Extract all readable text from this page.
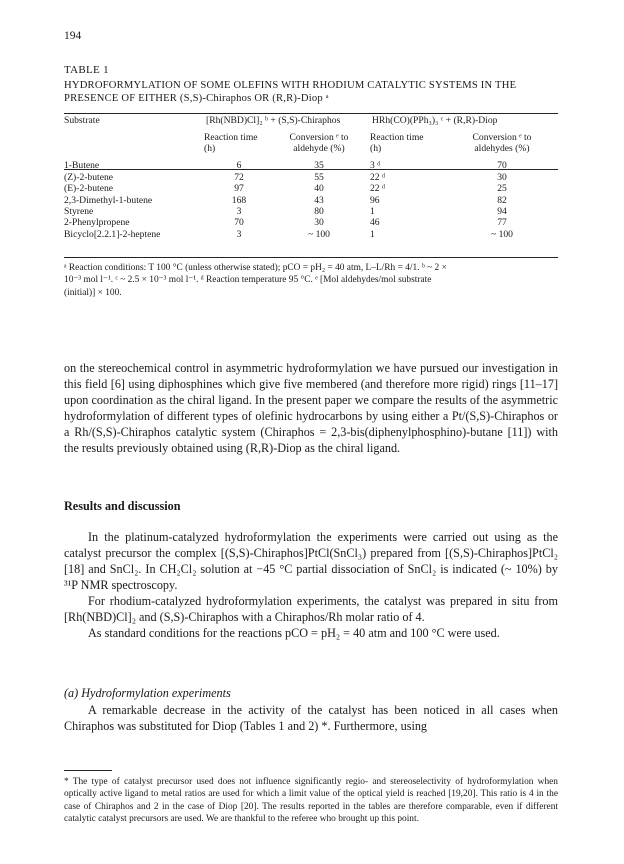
194
TABLE 1
HYDROFORMYLATION OF SOME OLEFINS WITH RHODIUM CATALYTIC SYSTEMS IN THE PRESENCE OF EITHER (S,S)-Chiraphos OR (R,R)-Diop ᵃ
Substrate	[Rh(NBD)Cl]₂ ᵇ + (S,S)-Chiraphos		HRh(CO)(PPh₃)₃ ᶜ + (R,R)-Diop	
	Reaction time	Conversion ᵉ to	Reaction time	Conversion ᵉ to
	(h)	aldehyde (%)	(h)	aldehydes (%)
1-Butene	6	35	3 ᵈ	70
(Z)-2-butene	72	55	22 ᵈ	30
(E)-2-butene	97	40	22 ᵈ	25
2,3-Dimethyl-1-butene	168	43	96	82
Styrene	3	80	1	94
2-Phenylpropene	70	30	46	77
Bicyclo[2.2.1]-2-heptene	3	~ 100	1	~ 100
ᵃ Reaction conditions: T 100 °C (unless otherwise stated); pCO = pH₂ = 40 atm, L–L/Rh = 4/1. ᵇ ~ 2 ×
10⁻³ mol l⁻¹. ᶜ ~ 2.5 × 10⁻³ mol l⁻¹. ᵈ Reaction temperature 95 °C. ᵉ [Mol aldehydes/mol substrate
(initial)] × 100.

on the stereochemical control in asymmetric hydroformylation we have pursued our investigation in this field [6] using diphosphines which give five membered (and therefore more rigid) rings [11–17] upon coordination as the chiral ligand. In the present paper we compare the results of the asymmetric hydroformylation of different types of olefinic hydrocarbons by using either a Pt/(S,S)-Chiraphos or a Rh/(S,S)-Chiraphos catalytic system (Chiraphos = 2,3-bis(diphenylphosphino)-butane [11]) with the results previously obtained using (R,R)-Diop as the chiral ligand.

Results and discussion

In the platinum-catalyzed hydroformylation the experiments were carried out using as the catalyst precursor the complex [(S,S)-Chiraphos]PtCl(SnCl₃) prepared from [(S,S)-Chiraphos]PtCl₂ [18] and SnCl₂. In CH₂Cl₂ solution at −45 °C partial dissociation of SnCl₂ is indicated (~ 10%) by ³¹P NMR spectroscopy.

For rhodium-catalyzed hydroformylation experiments, the catalyst was prepared in situ from [Rh(NBD)Cl]₂ and (S,S)-Chiraphos with a Chiraphos/Rh molar ratio of 4.

As standard conditions for the reactions pCO = pH₂ = 40 atm and 100 °C were used.

(a) Hydroformylation experiments

A remarkable decrease in the activity of the catalyst has been noticed in all cases when Chiraphos was substituted for Diop (Tables 1 and 2) *. Furthermore, using

* The type of catalyst precursor used does not influence significantly regio- and stereoselectivity of hydroformylation when optically active ligand to metal ratios are used for which a limit value of the optical yield is reached [19,20]. This ratio is 4 in the case of Chiraphos and 2 in the case of Diop [20]. The results reported in the tables are therefore comparable, even if different catalytic catalyst precursors are used. We are thankful to the referee who brought up this point.
